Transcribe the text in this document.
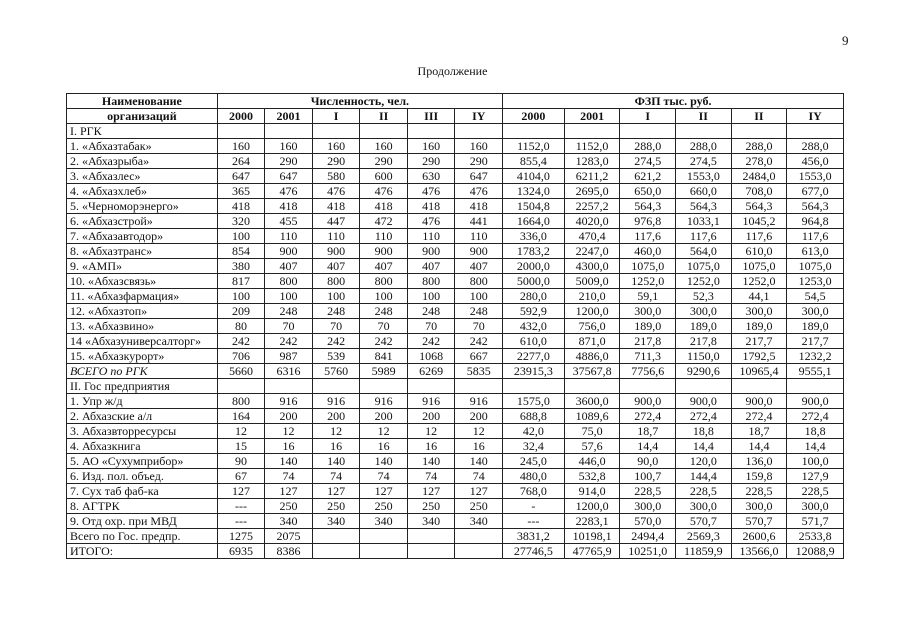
9
Продолжение
Наименование	Численность, чел.						ФЗП тыс. руб.					
организаций	2000	2001	I	II	III	IY	2000	2001	I	II	II	IY
I. РГК												
1. «Абхазтабак»	160	160	160	160	160	160	1152,0	1152,0	288,0	288,0	288,0	288,0
2. «Абхазрыба»	264	290	290	290	290	290	855,4	1283,0	274,5	274,5	278,0	456,0
3. «Абхазлес»	647	647	580	600	630	647	4104,0	6211,2	621,2	1553,0	2484,0	1553,0
4. «Абхазхлеб»	365	476	476	476	476	476	1324,0	2695,0	650,0	660,0	708,0	677,0
5. «Черноморэнерго»	418	418	418	418	418	418	1504,8	2257,2	564,3	564,3	564,3	564,3
6. «Абхазстрой»	320	455	447	472	476	441	1664,0	4020,0	976,8	1033,1	1045,2	964,8
7. «Абхазавтодор»	100	110	110	110	110	110	336,0	470,4	117,6	117,6	117,6	117,6
8. «Абхазтранс»	854	900	900	900	900	900	1783,2	2247,0	460,0	564,0	610,0	613,0
9. «АМП»	380	407	407	407	407	407	2000,0	4300,0	1075,0	1075,0	1075,0	1075,0
10. «Абхазсвязь»	817	800	800	800	800	800	5000,0	5009,0	1252,0	1252,0	1252,0	1253,0
11. «Абхазфармация»	100	100	100	100	100	100	280,0	210,0	59,1	52,3	44,1	54,5
12. «Абхазтоп»	209	248	248	248	248	248	592,9	1200,0	300,0	300,0	300,0	300,0
13. «Абхазвино»	80	70	70	70	70	70	432,0	756,0	189,0	189,0	189,0	189,0
14 «Абхазуниверсалторг»	242	242	242	242	242	242	610,0	871,0	217,8	217,8	217,7	217,7
15. «Абхазкурорт»	706	987	539	841	1068	667	2277,0	4886,0	711,3	1150,0	1792,5	1232,2
ВСЕГО по РГК	5660	6316	5760	5989	6269	5835	23915,3	37567,8	7756,6	9290,6	10965,4	9555,1
II. Гос предприятия												
1. Упр ж/д	800	916	916	916	916	916	1575,0	3600,0	900,0	900,0	900,0	900,0
2. Абхазские а/л	164	200	200	200	200	200	688,8	1089,6	272,4	272,4	272,4	272,4
3. Абхазвторресурсы	12	12	12	12	12	12	42,0	75,0	18,7	18,8	18,7	18,8
4. Абхазкнига	15	16	16	16	16	16	32,4	57,6	14,4	14,4	14,4	14,4
5. АО «Сухумприбор»	90	140	140	140	140	140	245,0	446,0	90,0	120,0	136,0	100,0
6. Изд. пол. объед.	67	74	74	74	74	74	480,0	532,8	100,7	144,4	159,8	127,9
7. Сух таб фаб-ка	127	127	127	127	127	127	768,0	914,0	228,5	228,5	228,5	228,5
8. АГТРК	---	250	250	250	250	250	-	1200,0	300,0	300,0	300,0	300,0
9. Отд охр. при МВД	---	340	340	340	340	340	---	2283,1	570,0	570,7	570,7	571,7
Всего по Гос. предпр.	1275	2075					3831,2	10198,1	2494,4	2569,3	2600,6	2533,8
ИТОГО:	6935	8386					27746,5	47765,9	10251,0	11859,9	13566,0	12088,9
